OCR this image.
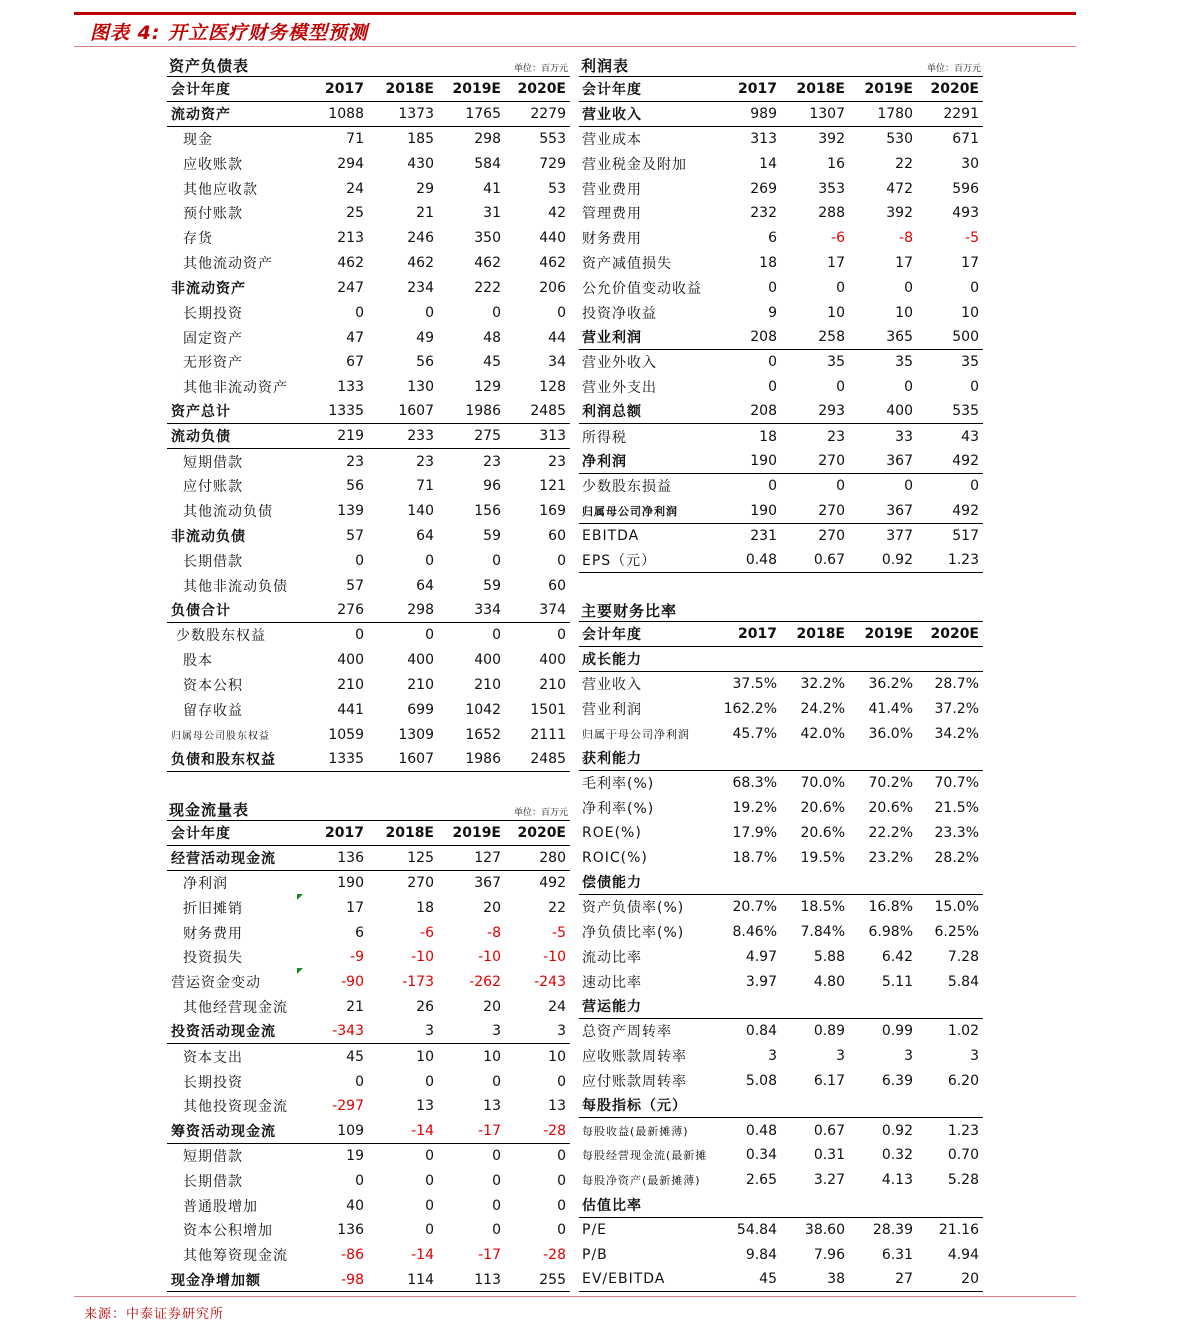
图表 4: 开立医疗财务模型预测
资产负债表	单位：百万元
会计年度	2017	2018E	2019E	2020E
流动资产	1088	1373	1765	2279
现金	71	185	298	553
应收账款	294	430	584	729
其他应收款	24	29	41	53
预付账款	25	21	31	42
存货	213	246	350	440
其他流动资产	462	462	462	462
非流动资产	247	234	222	206
长期投资	0	0	0	0
固定资产	47	49	48	44
无形资产	67	56	45	34
其他非流动资产	133	130	129	128
资产总计	1335	1607	1986	2485
流动负债	219	233	275	313
短期借款	23	23	23	23
应付账款	56	71	96	121
其他流动负债	139	140	156	169
非流动负债	57	64	59	60
长期借款	0	0	0	0
其他非流动负债	57	64	59	60
负债合计	276	298	334	374
少数股东权益	0	0	0	0
股本	400	400	400	400
资本公积	210	210	210	210
留存收益	441	699	1042	1501
归属母公司股东权益	1059	1309	1652	2111
负债和股东权益	1335	1607	1986	2485
利润表	单位：百万元
会计年度	2017	2018E	2019E	2020E
营业收入	989	1307	1780	2291
营业成本	313	392	530	671
营业税金及附加	14	16	22	30
营业费用	269	353	472	596
管理费用	232	288	392	493
财务费用	6	-6	-8	-5
资产减值损失	18	17	17	17
公允价值变动收益	0	0	0	0
投资净收益	9	10	10	10
营业利润	208	258	365	500
营业外收入	0	35	35	35
营业外支出	0	0	0	0
利润总额	208	293	400	535
所得税	18	23	33	43
净利润	190	270	367	492
少数股东损益	0	0	0	0
归属母公司净利润	190	270	367	492
EBITDA	231	270	377	517
EPS（元）	0.48	0.67	0.92	1.23
主要财务比率
会计年度	2017	2018E	2019E	2020E
成长能力
营业收入	37.5%	32.2%	36.2%	28.7%
营业利润	162.2%	24.2%	41.4%	37.2%
归属于母公司净利润	45.7%	42.0%	36.0%	34.2%
获利能力
毛利率(%)	68.3%	70.0%	70.2%	70.7%
净利率(%)	19.2%	20.6%	20.6%	21.5%
ROE(%)	17.9%	20.6%	22.2%	23.3%
ROIC(%)	18.7%	19.5%	23.2%	28.2%
偿债能力
资产负债率(%)	20.7%	18.5%	16.8%	15.0%
净负债比率(%)	8.46%	7.84%	6.98%	6.25%
流动比率	4.97	5.88	6.42	7.28
速动比率	3.97	4.80	5.11	5.84
营运能力
总资产周转率	0.84	0.89	0.99	1.02
应收账款周转率	3	3	3	3
应付账款周转率	5.08	6.17	6.39	6.20
每股指标（元）
每股收益(最新摊薄)	0.48	0.67	0.92	1.23
每股经营现金流(最新摊	0.34	0.31	0.32	0.70
每股净资产(最新摊薄)	2.65	3.27	4.13	5.28
估值比率
P/E	54.84	38.60	28.39	21.16
P/B	9.84	7.96	6.31	4.94
EV/EBITDA	45	38	27	20
现金流量表	单位：百万元
会计年度	2017	2018E	2019E	2020E
经营活动现金流	136	125	127	280
净利润	190	270	367	492
折旧摊销	17	18	20	22
财务费用	6	-6	-8	-5
投资损失	-9	-10	-10	-10
营运资金变动	-90	-173	-262	-243
其他经营现金流	21	26	20	24
投资活动现金流	-343	3	3	3
资本支出	45	10	10	10
长期投资	0	0	0	0
其他投资现金流	-297	13	13	13
筹资活动现金流	109	-14	-17	-28
短期借款	19	0	0	0
长期借款	0	0	0	0
普通股增加	40	0	0	0
资本公积增加	136	0	0	0
其他筹资现金流	-86	-14	-17	-28
现金净增加额	-98	114	113	255
来源：中泰证券研究所
